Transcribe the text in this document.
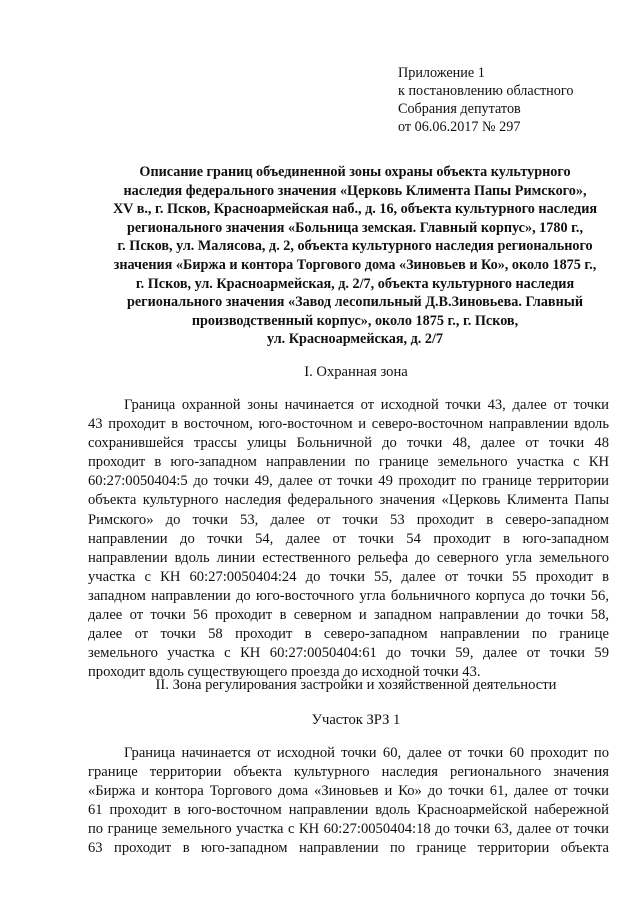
Приложение 1
к постановлению областного
Собрания депутатов
от 06.06.2017 № 297
Описание границ объединенной зоны охраны объекта культурного
наследия федерального значения «Церковь Климента Папы Римского»,
XV в., г. Псков, Красноармейская наб., д. 16, объекта культурного наследия
регионального значения «Больница земская. Главный корпус», 1780 г.,
г. Псков, ул. Малясова, д. 2, объекта культурного наследия регионального
значения «Биржа и контора Торгового дома «Зиновьев и Ко», около 1875 г.,
г. Псков, ул. Красноармейская, д. 2/7, объекта культурного наследия
регионального значения «Завод лесопильный Д.В.Зиновьева. Главный
производственный корпус», около 1875 г., г. Псков,
ул. Красноармейская, д. 2/7
I. Охранная зона
Граница охранной зоны начинается от исходной точки 43, далее от точки
43 проходит в восточном, юго-восточном и северо-восточном направлении вдоль
сохранившейся трассы улицы Больничной до точки 48, далее от точки 48
проходит в юго-западном направлении по границе земельного участка с КН
60:27:0050404:5 до точки 49, далее от точки 49 проходит по границе территории
объекта культурного наследия федерального значения «Церковь Климента Папы
Римского» до точки 53, далее от точки 53 проходит в северо-западном
направлении до точки 54, далее от точки 54 проходит в юго-западном
направлении вдоль линии естественного рельефа до северного угла земельного
участка с КН 60:27:0050404:24 до точки 55, далее от точки 55 проходит в
западном направлении до юго-восточного угла больничного корпуса до точки 56,
далее от точки 56 проходит в северном и западном направлении до точки 58,
далее от точки 58 проходит в северо-западном направлении по границе
земельного участка с КН 60:27:0050404:61 до точки 59, далее от точки 59
проходит вдоль существующего проезда до исходной точки 43.
II. Зона регулирования застройки и хозяйственной деятельности
Участок ЗРЗ 1
Граница начинается от исходной точки 60, далее от точки 60 проходит по
границе территории объекта культурного наследия регионального значения
«Биржа и контора Торгового дома «Зиновьев и Ко» до точки 61, далее от точки
61 проходит в юго-восточном направлении вдоль Красноармейской набережной
по границе земельного участка с КН 60:27:0050404:18 до точки 63, далее от точки
63 проходит в юго-западном направлении по границе территории объекта
